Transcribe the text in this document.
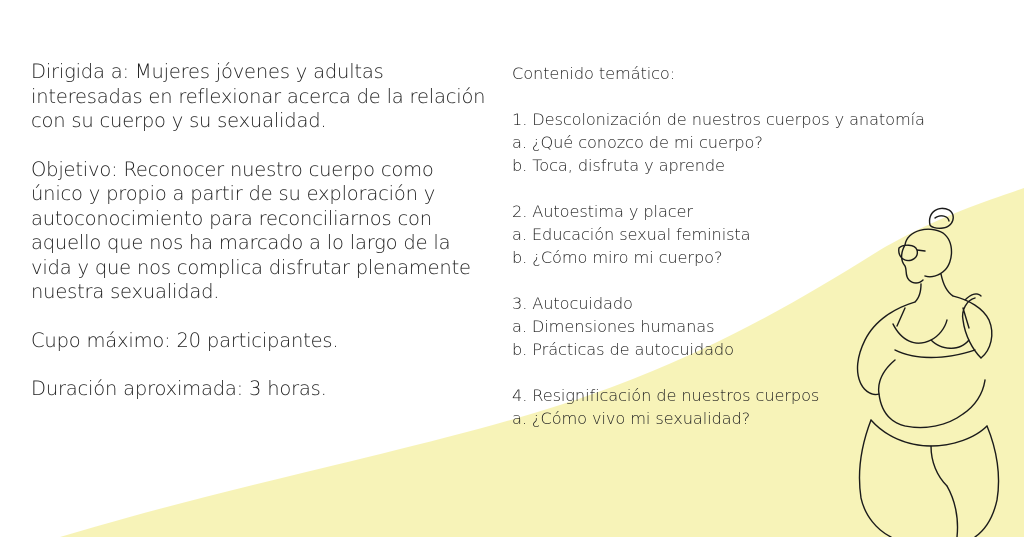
Dirigida a: Mujeres jóvenes y adultas interesadas en reflexionar acerca de la relación con su cuerpo y su sexualidad.

Objetivo: Reconocer nuestro cuerpo como único y propio a partir de su exploración y autoconocimiento para reconciliarnos con aquello que nos ha marcado a lo largo de la vida y que nos complica disfrutar plenamente nuestra sexualidad.

Cupo máximo: 20 participantes.

Duración aproximada: 3 horas.

Contenido temático:
1. Descolonización de nuestros cuerpos y anatomía
a. ¿Qué conozco de mi cuerpo?
b. Toca, disfruta y aprende
2. Autoestima y placer
a. Educación sexual feminista
b. ¿Cómo miro mi cuerpo?
3. Autocuidado
a. Dimensiones humanas
b. Prácticas de autocuidado
4. Resignificación de nuestros cuerpos
a. ¿Cómo vivo mi sexualidad?
